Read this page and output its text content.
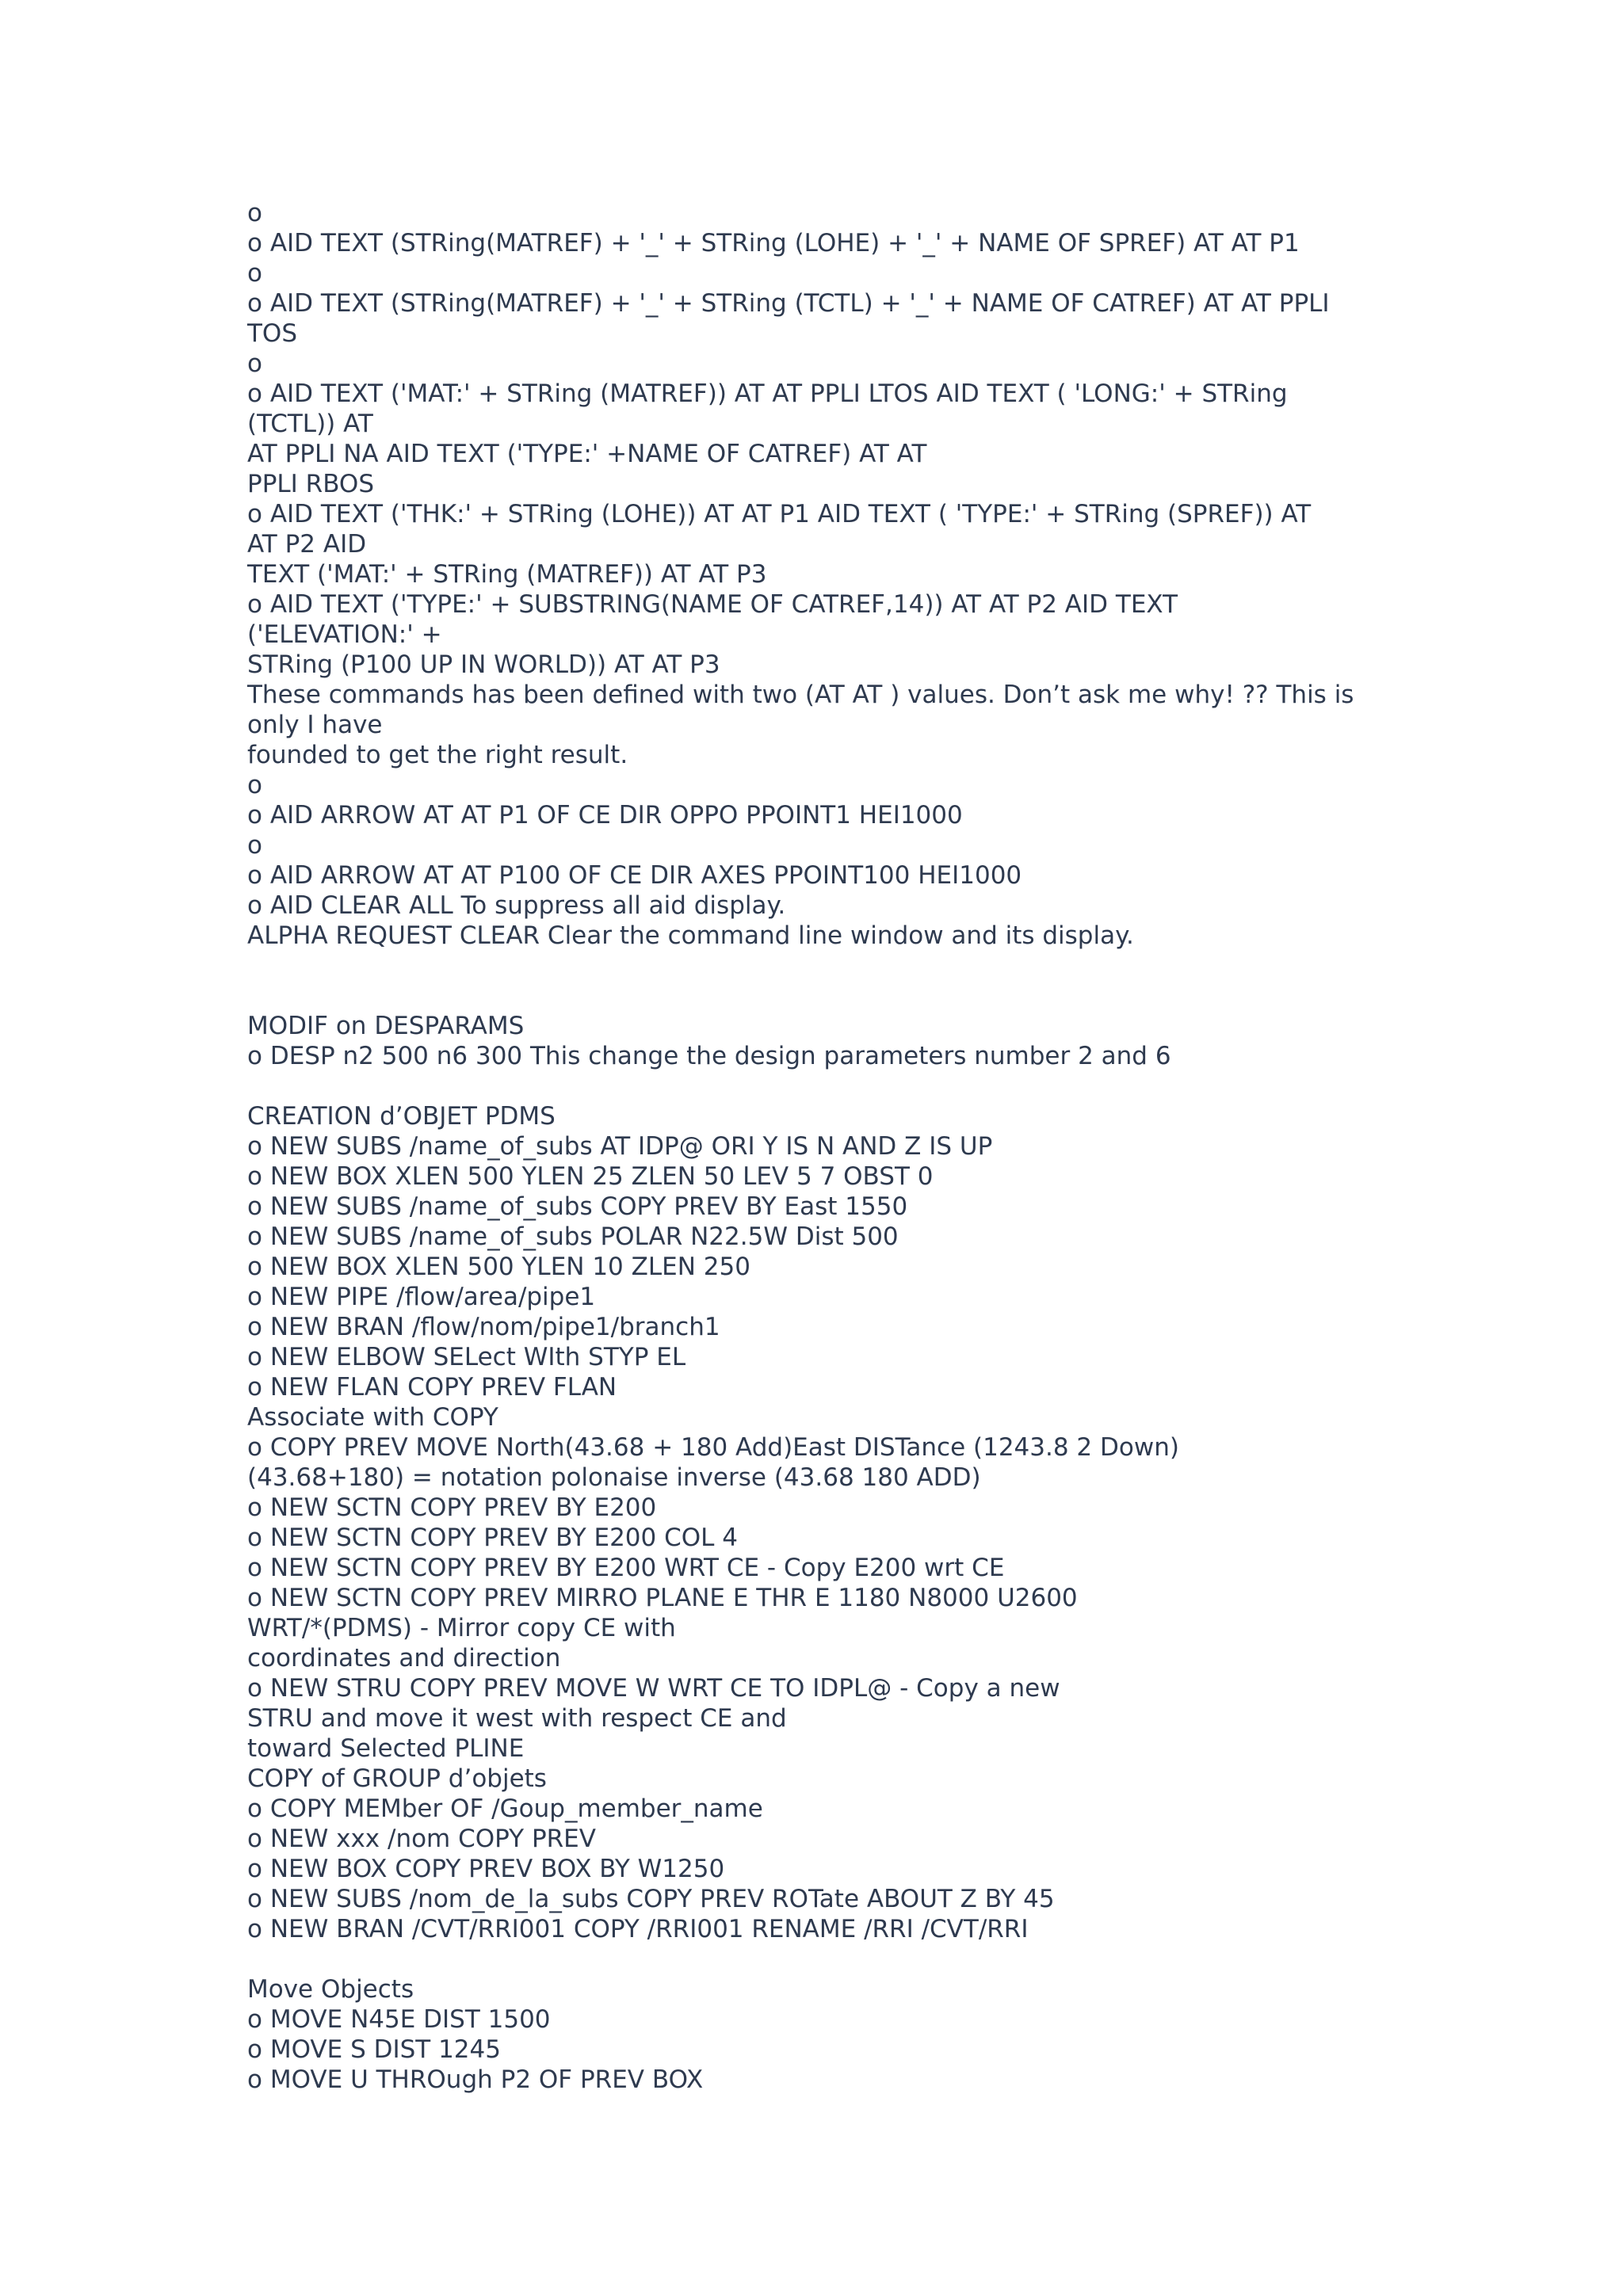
o
o AID TEXT (STRing(MATREF) + '_' + STRing (LOHE) + '_' + NAME OF SPREF) AT AT P1
o
o AID TEXT (STRing(MATREF) + '_' + STRing (TCTL) + '_' + NAME OF CATREF) AT AT PPLI
TOS
o
o AID TEXT ('MAT:' + STRing (MATREF)) AT AT PPLI LTOS AID TEXT ( 'LONG:' + STRing
(TCTL)) AT
AT PPLI NA AID TEXT ('TYPE:' +NAME OF CATREF) AT AT
PPLI RBOS
o AID TEXT ('THK:' + STRing (LOHE)) AT AT P1 AID TEXT ( 'TYPE:' + STRing (SPREF)) AT
AT P2 AID
TEXT ('MAT:' + STRing (MATREF)) AT AT P3
o AID TEXT ('TYPE:' + SUBSTRING(NAME OF CATREF,14)) AT AT P2 AID TEXT
('ELEVATION:' +
STRing (P100 UP IN WORLD)) AT AT P3
These commands has been defined with two (AT AT ) values. Don’t ask me why! ?? This is
only I have
founded to get the right result.
o
o AID ARROW AT AT P1 OF CE DIR OPPO PPOINT1 HEI1000
o
o AID ARROW AT AT P100 OF CE DIR AXES PPOINT100 HEI1000
o AID CLEAR ALL To suppress all aid display.
ALPHA REQUEST CLEAR Clear the command line window and its display.
MODIF on DESPARAMS
o DESP n2 500 n6 300 This change the design parameters number 2 and 6
CREATION d’OBJET PDMS
o NEW SUBS /name_of_subs AT IDP@ ORI Y IS N AND Z IS UP
o NEW BOX XLEN 500 YLEN 25 ZLEN 50 LEV 5 7 OBST 0
o NEW SUBS /name_of_subs COPY PREV BY East 1550
o NEW SUBS /name_of_subs POLAR N22.5W Dist 500
o NEW BOX XLEN 500 YLEN 10 ZLEN 250
o NEW PIPE /flow/area/pipe1
o NEW BRAN /flow/nom/pipe1/branch1
o NEW ELBOW SELect WIth STYP EL
o NEW FLAN COPY PREV FLAN
Associate with COPY
o COPY PREV MOVE North(43.68 + 180 Add)East DISTance (1243.8 2 Down)
(43.68+180) = notation polonaise inverse (43.68 180 ADD)
o NEW SCTN COPY PREV BY E200
o NEW SCTN COPY PREV BY E200 COL 4
o NEW SCTN COPY PREV BY E200 WRT CE - Copy E200 wrt CE
o NEW SCTN COPY PREV MIRRO PLANE E THR E 1180 N8000 U2600
WRT/*(PDMS) - Mirror copy CE with
coordinates and direction
o NEW STRU COPY PREV MOVE W WRT CE TO IDPL@ - Copy a new
STRU and move it west with respect CE and
toward Selected PLINE
COPY of GROUP d’objets
o COPY MEMber OF /Goup_member_name
o NEW xxx /nom COPY PREV
o NEW BOX COPY PREV BOX BY W1250
o NEW SUBS /nom_de_la_subs COPY PREV ROTate ABOUT Z BY 45
o NEW BRAN /CVT/RRI001 COPY /RRI001 RENAME /RRI /CVT/RRI
Move Objects
o MOVE N45E DIST 1500
o MOVE S DIST 1245
o MOVE U THROugh P2 OF PREV BOX
